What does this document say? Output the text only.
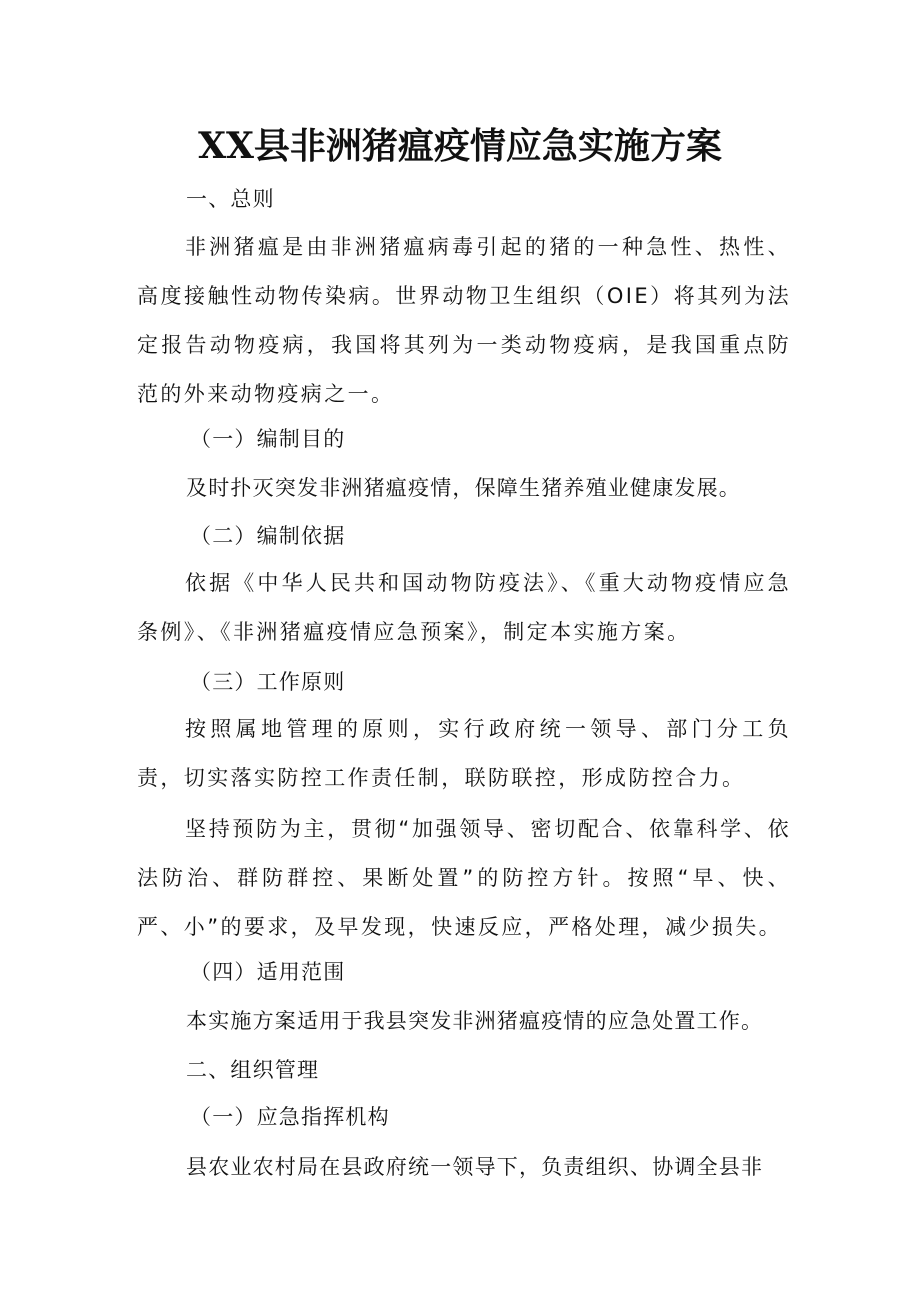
XX县非洲猪瘟疫情应急实施方案
一、总则
非洲猪瘟是由非洲猪瘟病毒引起的猪的一种急性、热性、高度接触性动物传染病。世界动物卫生组织（OIE）将其列为法定报告动物疫病，我国将其列为一类动物疫病，是我国重点防范的外来动物疫病之一。
（一）编制目的
及时扑灭突发非洲猪瘟疫情，保障生猪养殖业健康发展。
（二）编制依据
依据《中华人民共和国动物防疫法》、《重大动物疫情应急条例》、《非洲猪瘟疫情应急预案》，制定本实施方案。
（三）工作原则
按照属地管理的原则，实行政府统一领导、部门分工负责，切实落实防控工作责任制，联防联控，形成防控合力。
坚持预防为主，贯彻“加强领导、密切配合、依靠科学、依法防治、群防群控、果断处置”的防控方针。按照“早、快、严、小”的要求，及早发现，快速反应，严格处理，减少损失。
（四）适用范围
本实施方案适用于我县突发非洲猪瘟疫情的应急处置工作。
二、组织管理
（一）应急指挥机构
县农业农村局在县政府统一领导下，负责组织、协调全县非
